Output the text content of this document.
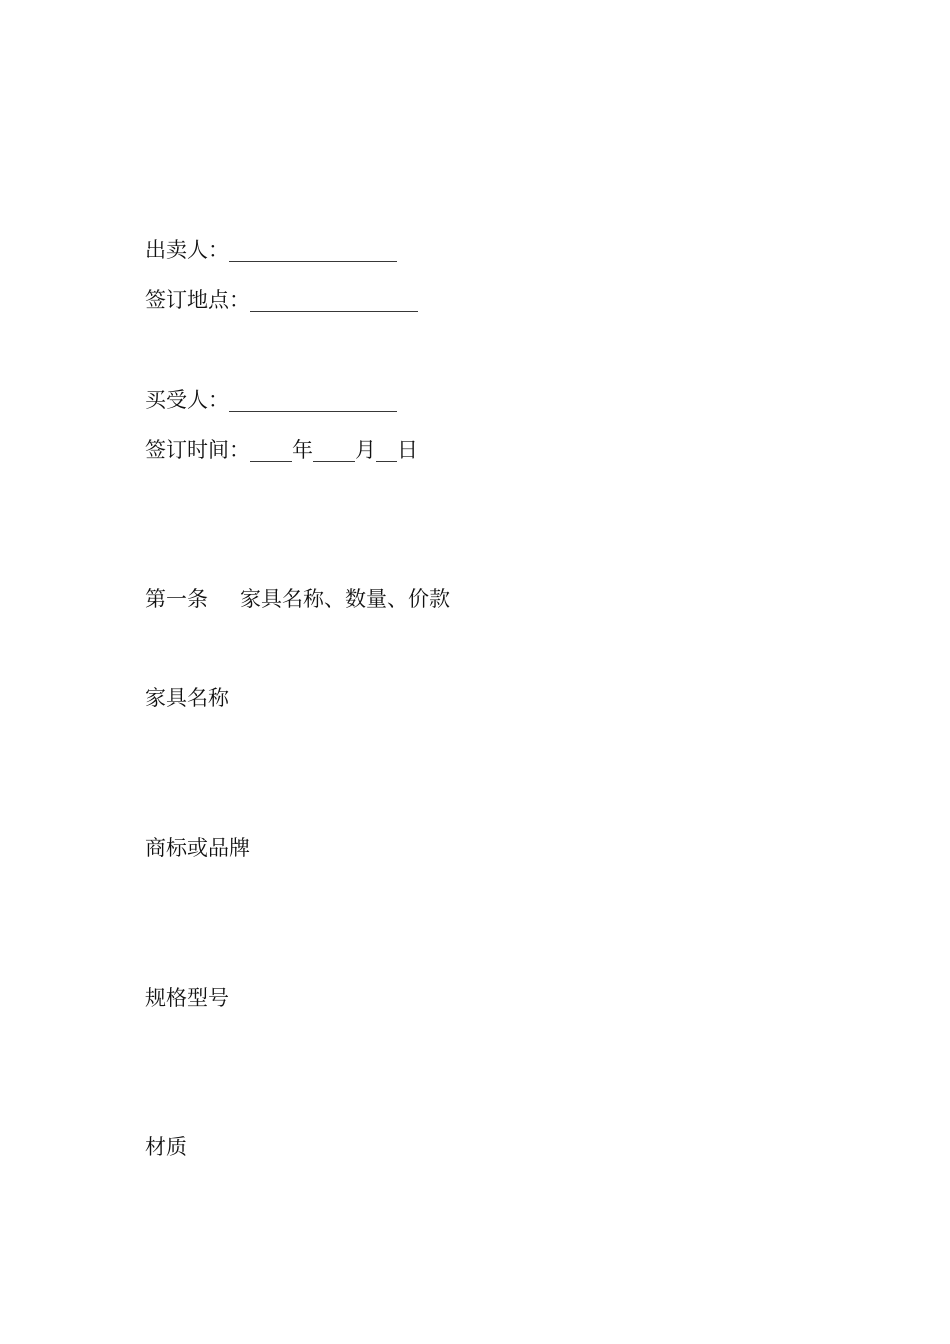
出卖人：________________
签订地点：________________
买受人：________________
签订时间：____年____月__日
第一条 家具名称、数量、价款
家具名称
商标或品牌
规格型号
材质
